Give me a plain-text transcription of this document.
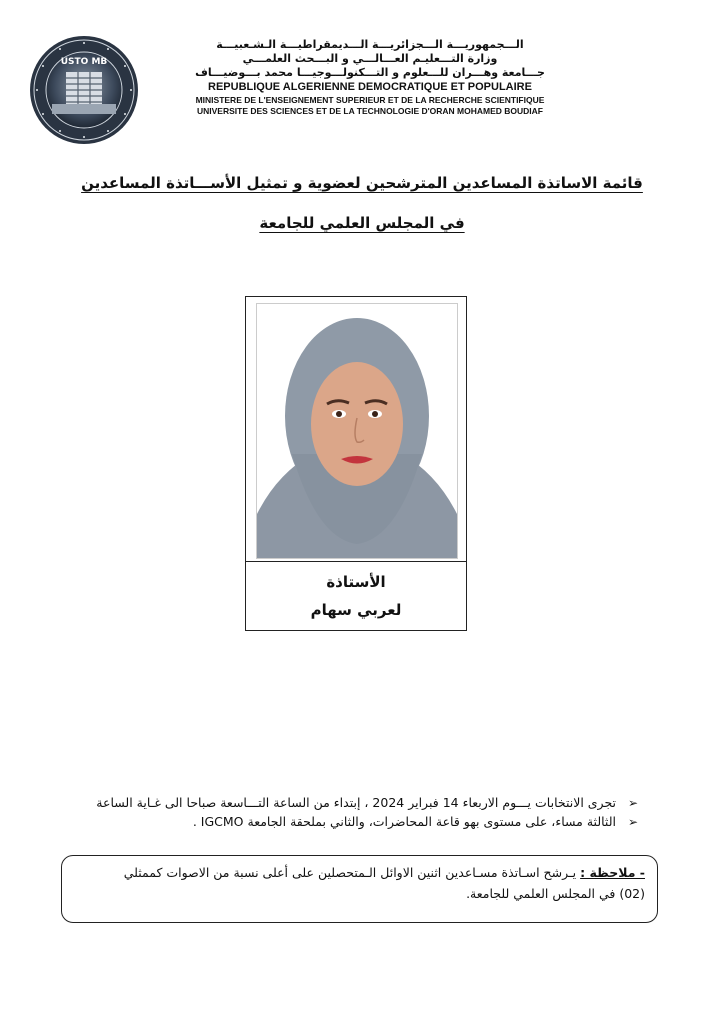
USTO MB
الـــجمهوريـــة الـــجزائريـــة الـــديمقراطيـــة الـشـعبيـــة
وزارة التـــعليـم العـــالـــي و البـــحث العلمـــي
جـــامعة وهـــران للـــعلوم و التـــكنولـــوجيـــا محمد بـــوضيـــاف
REPUBLIQUE ALGERIENNE DEMOCRATIQUE ET POPULAIRE
MINISTERE DE L'ENSEIGNEMENT SUPERIEUR ET DE LA RECHERCHE SCIENTIFIQUE
UNIVERSITE DES SCIENCES ET DE LA TECHNOLOGIE D'ORAN MOHAMED BOUDIAF
قائمة الاساتذة المساعدين المترشحين لعضوية و تمثيل الأســـاتذة المساعدين
في المجلس العلمي للجامعة
الأستاذة
لعربي سهام
➢
تجرى الانتخابات يـــوم الاربعاء 14 فبراير 2024 ، إبتداء من الساعة التـــاسعة صباحا الى غـاية الساعة
➢
الثالثة مساء، على مستوى بهو قاعة المحاضرات، والثاني بملحقة الجامعة IGCMO .
- ملاحظة : يـرشح اسـاتذة مسـاعدين اثنين الاوائل الـمتحصلين على أعلى نسبة من الاصوات كممثلي
(02) في المجلس العلمي للجامعة.
